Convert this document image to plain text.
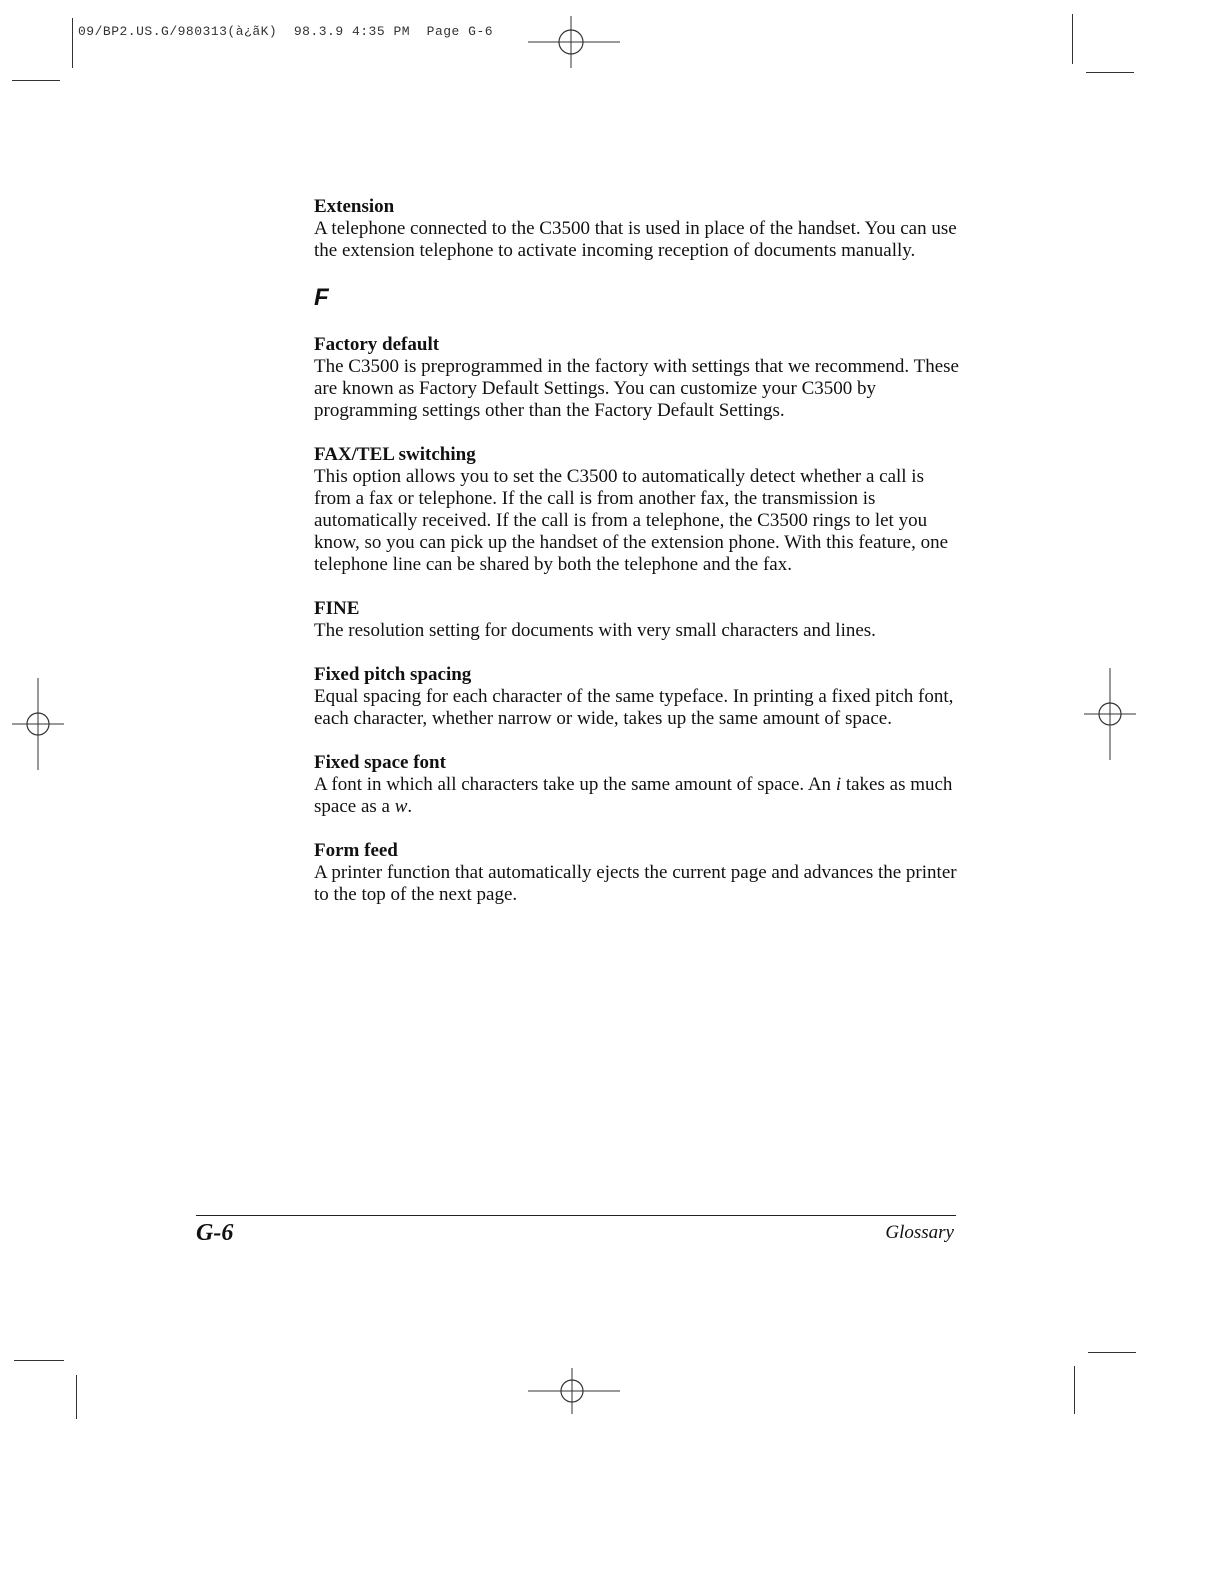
09/BP2.US.G/980313(à¿ãK)  98.3.9 4:35 PM  Page G-6

Extension

A telephone connected to the C3500 that is used in place of the handset. You can use the extension telephone to activate incoming reception of documents manually.

F

Factory default

The C3500 is preprogrammed in the factory with settings that we recommend. These are known as Factory Default Settings. You can customize your C3500 by programming settings other than the Factory Default Settings.

FAX/TEL switching

This option allows you to set the C3500 to automatically detect whether a call is from a fax or telephone. If the call is from another fax, the transmission is automatically received. If the call is from a telephone, the C3500 rings to let you know, so you can pick up the handset of the extension phone. With this feature, one telephone line can be shared by both the telephone and the fax.

FINE

The resolution setting for documents with very small characters and lines.

Fixed pitch spacing

Equal spacing for each character of the same typeface. In printing a fixed pitch font, each character, whether narrow or wide, takes up the same amount of space.

Fixed space font

A font in which all characters take up the same amount of space. An i takes as much space as a w.

Form feed

A printer function that automatically ejects the current page and advances the printer to the top of the next page.

G-6	Glossary
